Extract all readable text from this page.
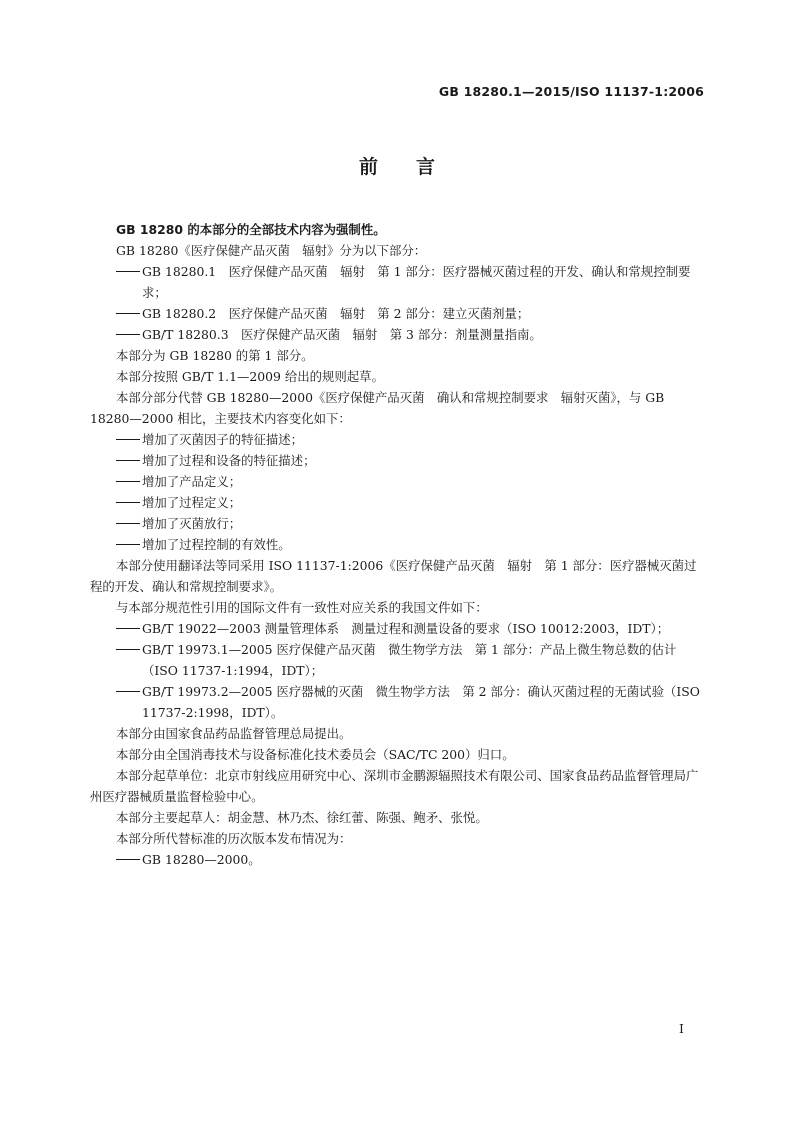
GB 18280.1—2015/ISO 11137-1:2006
前言

GB 18280 的本部分的全部技术内容为强制性。

GB 18280《医疗保健产品灭菌　辐射》分为以下部分：

GB 18280.1　医疗保健产品灭菌　辐射　第 1 部分：医疗器械灭菌过程的开发、确认和常规控制要求；

GB 18280.2　医疗保健产品灭菌　辐射　第 2 部分：建立灭菌剂量；

GB/T 18280.3　医疗保健产品灭菌　辐射　第 3 部分：剂量测量指南。

本部分为 GB 18280 的第 1 部分。

本部分按照 GB/T 1.1—2009 给出的规则起草。

本部分部分代替 GB 18280—2000《医疗保健产品灭菌　确认和常规控制要求　辐射灭菌》，与 GB 18280—2000 相比，主要技术内容变化如下：

增加了灭菌因子的特征描述；

增加了过程和设备的特征描述；

增加了产品定义；

增加了过程定义；

增加了灭菌放行；

增加了过程控制的有效性。

本部分使用翻译法等同采用 ISO 11137-1:2006《医疗保健产品灭菌　辐射　第 1 部分：医疗器械灭菌过程的开发、确认和常规控制要求》。

与本部分规范性引用的国际文件有一致性对应关系的我国文件如下：

GB/T 19022—2003 测量管理体系　测量过程和测量设备的要求（ISO 10012:2003，IDT）；

GB/T 19973.1—2005 医疗保健产品灭菌　微生物学方法　第 1 部分：产品上微生物总数的估计（ISO 11737-1:1994，IDT）；

GB/T 19973.2—2005 医疗器械的灭菌　微生物学方法　第 2 部分：确认灭菌过程的无菌试验（ISO 11737-2:1998，IDT）。

本部分由国家食品药品监督管理总局提出。

本部分由全国消毒技术与设备标准化技术委员会（SAC/TC 200）归口。

本部分起草单位：北京市射线应用研究中心、深圳市金鹏源辐照技术有限公司、国家食品药品监督管理局广州医疗器械质量监督检验中心。

本部分主要起草人：胡金慧、林乃杰、徐红蕾、陈强、鲍矛、张悦。

本部分所代替标准的历次版本发布情况为：

GB 18280—2000。

I
